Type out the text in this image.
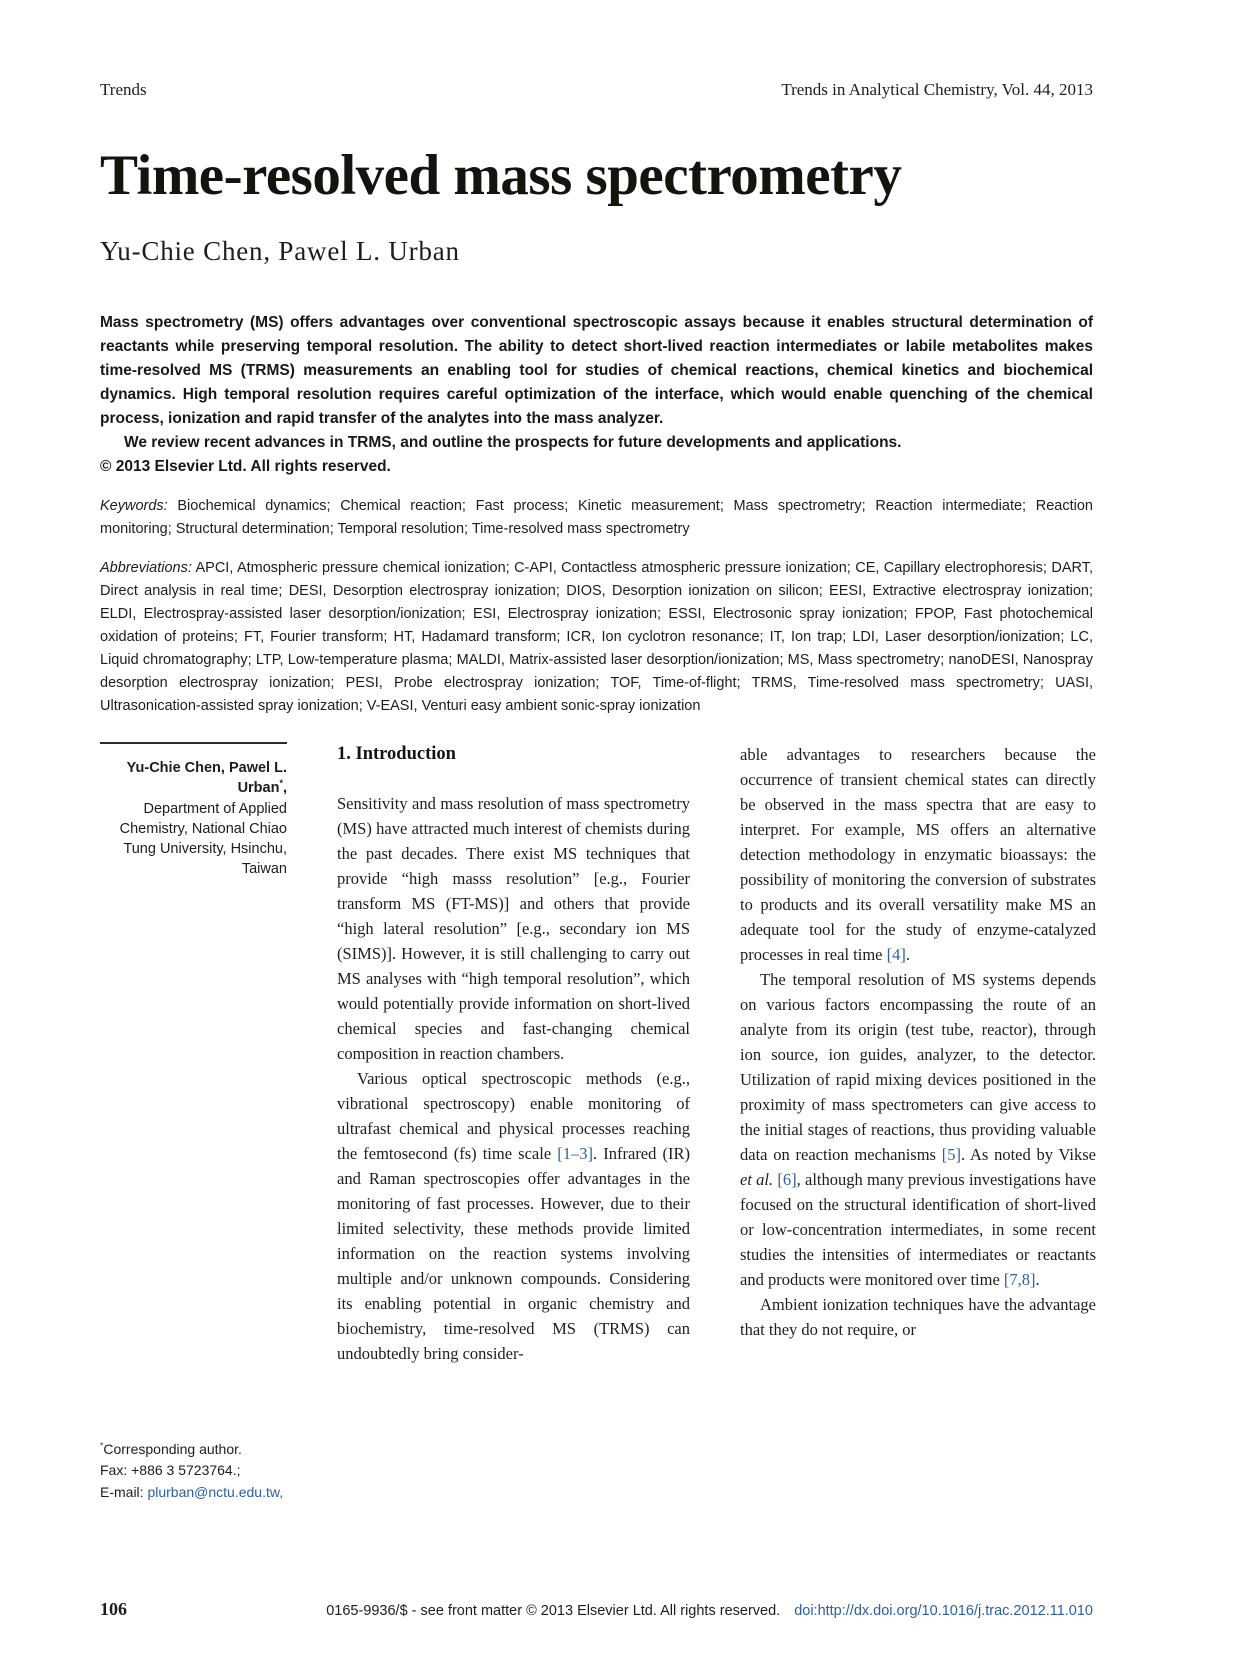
Trends	Trends in Analytical Chemistry, Vol. 44, 2013
Time-resolved mass spectrometry
Yu-Chie Chen, Pawel L. Urban

Mass spectrometry (MS) offers advantages over conventional spectroscopic assays because it enables structural determination of reactants while preserving temporal resolution. The ability to detect short-lived reaction intermediates or labile metabolites makes time-resolved MS (TRMS) measurements an enabling tool for studies of chemical reactions, chemical kinetics and biochemical dynamics. High temporal resolution requires careful optimization of the interface, which would enable quenching of the chemical process, ionization and rapid transfer of the analytes into the mass analyzer.

We review recent advances in TRMS, and outline the prospects for future developments and applications.

© 2013 Elsevier Ltd. All rights reserved.

Keywords: Biochemical dynamics; Chemical reaction; Fast process; Kinetic measurement; Mass spectrometry; Reaction intermediate; Reaction monitoring; Structural determination; Temporal resolution; Time-resolved mass spectrometry

Abbreviations: APCI, Atmospheric pressure chemical ionization; C-API, Contactless atmospheric pressure ionization; CE, Capillary electrophoresis; DART, Direct analysis in real time; DESI, Desorption electrospray ionization; DIOS, Desorption ionization on silicon; EESI, Extractive electrospray ionization; ELDI, Electrospray-assisted laser desorption/ionization; ESI, Electrospray ionization; ESSI, Electrosonic spray ionization; FPOP, Fast photochemical oxidation of proteins; FT, Fourier transform; HT, Hadamard transform; ICR, Ion cyclotron resonance; IT, Ion trap; LDI, Laser desorption/ionization; LC, Liquid chromatography; LTP, Low-temperature plasma; MALDI, Matrix-assisted laser desorption/ionization; MS, Mass spectrometry; nanoDESI, Nanospray desorption electrospray ionization; PESI, Probe electrospray ionization; TOF, Time-of-flight; TRMS, Time-resolved mass spectrometry; UASI, Ultrasonication-assisted spray ionization; V-EASI, Venturi easy ambient sonic-spray ionization

Yu-Chie Chen, Pawel L. Urban*,
Department of Applied Chemistry, National Chiao Tung University, Hsinchu, Taiwan
*Corresponding author.
Fax: +886 3 5723764.;
E-mail: plurban@nctu.edu.tw,
1. Introduction

Sensitivity and mass resolution of mass spectrometry (MS) have attracted much interest of chemists during the past decades. There exist MS techniques that provide “high masss resolution” [e.g., Fourier transform MS (FT-MS)] and others that provide “high lateral resolution” [e.g., secondary ion MS (SIMS)]. However, it is still challenging to carry out MS analyses with “high temporal resolution”, which would potentially provide information on short-lived chemical species and fast-changing chemical composition in reaction chambers.

Various optical spectroscopic methods (e.g., vibrational spectroscopy) enable monitoring of ultrafast chemical and physical processes reaching the femtosecond (fs) time scale [1–3]. Infrared (IR) and Raman spectroscopies offer advantages in the monitoring of fast processes. However, due to their limited selectivity, these methods provide limited information on the reaction systems involving multiple and/or unknown compounds. Considering its enabling potential in organic chemistry and biochemistry, time-resolved MS (TRMS) can undoubtedly bring consider-

able advantages to researchers because the occurrence of transient chemical states can directly be observed in the mass spectra that are easy to interpret. For example, MS offers an alternative detection methodology in enzymatic bioassays: the possibility of monitoring the conversion of substrates to products and its overall versatility make MS an adequate tool for the study of enzyme-catalyzed processes in real time [4].

The temporal resolution of MS systems depends on various factors encompassing the route of an analyte from its origin (test tube, reactor), through ion source, ion guides, analyzer, to the detector. Utilization of rapid mixing devices positioned in the proximity of mass spectrometers can give access to the initial stages of reactions, thus providing valuable data on reaction mechanisms [5]. As noted by Vikse et al. [6], although many previous investigations have focused on the structural identification of short-lived or low-concentration intermediates, in some recent studies the intensities of intermediates or reactants and products were monitored over time [7,8].

Ambient ionization techniques have the advantage that they do not require, or

106	0165-9936/$ - see front matter © 2013 Elsevier Ltd. All rights reserved. doi:http://dx.doi.org/10.1016/j.trac.2012.11.010
